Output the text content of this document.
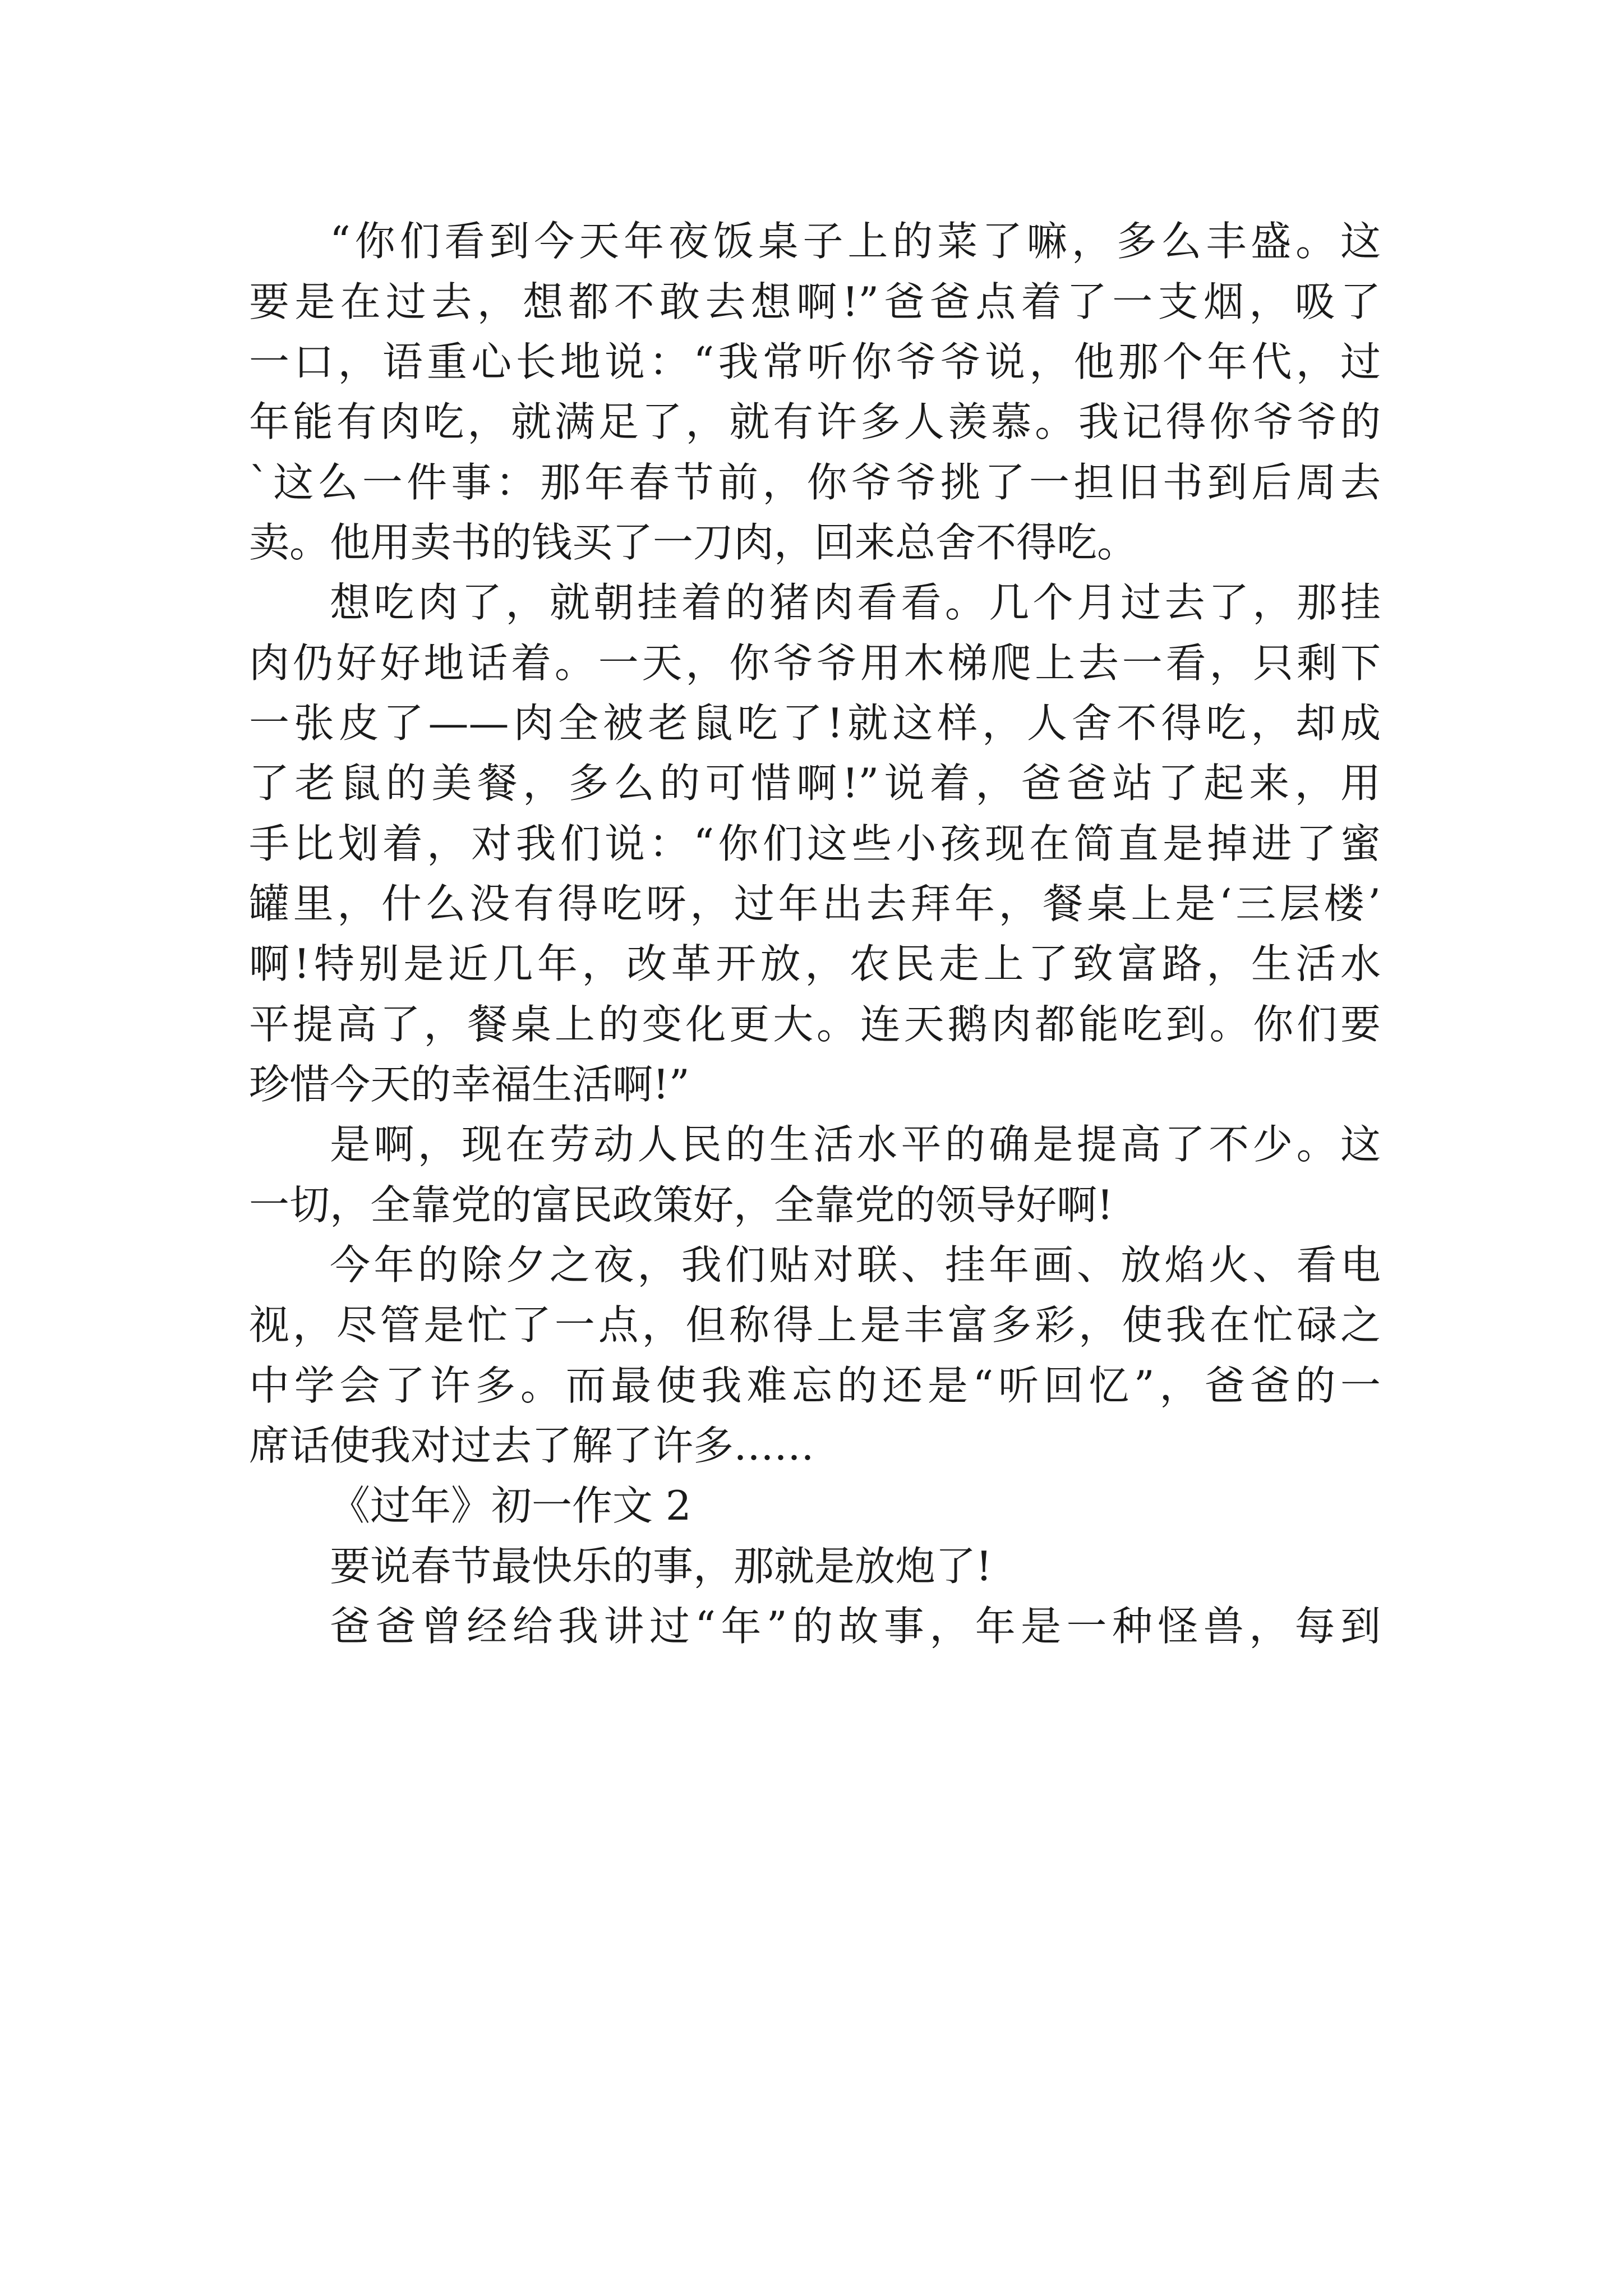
“你们看到今天年夜饭桌子上的菜了嘛，多么丰盛。这
要是在过去，想都不敢去想啊!”爸爸点着了一支烟，吸了
一口，语重心长地说：“我常听你爷爷说，他那个年代，过
年能有肉吃，就满足了，就有许多人羡慕。我记得你爷爷的
`这么一件事：那年春节前，你爷爷挑了一担旧书到后周去
卖。他用卖书的钱买了一刀肉，回来总舍不得吃。
想吃肉了，就朝挂着的猪肉看看。几个月过去了，那挂
肉仍好好地话着。一天，你爷爷用木梯爬上去一看，只剩下
一张皮了——肉全被老鼠吃了!就这样，人舍不得吃，却成
了老鼠的美餐，多么的可惜啊!”说着，爸爸站了起来，用
手比划着，对我们说：“你们这些小孩现在简直是掉进了蜜
罐里，什么没有得吃呀，过年出去拜年，餐桌上是‘三层楼’
啊!特别是近几年，改革开放，农民走上了致富路，生活水
平提高了，餐桌上的变化更大。连天鹅肉都能吃到。你们要
珍惜今天的幸福生活啊!”
是啊，现在劳动人民的生活水平的确是提高了不少。这
一切，全靠党的富民政策好，全靠党的领导好啊!
今年的除夕之夜，我们贴对联、挂年画、放焰火、看电
视，尽管是忙了一点，但称得上是丰富多彩，使我在忙碌之
中学会了许多。而最使我难忘的还是“听回忆”，爸爸的一
席话使我对过去了解了许多……
《过年》初一作文 2
要说春节最快乐的事，那就是放炮了!
爸爸曾经给我讲过“年”的故事，年是一种怪兽，每到
